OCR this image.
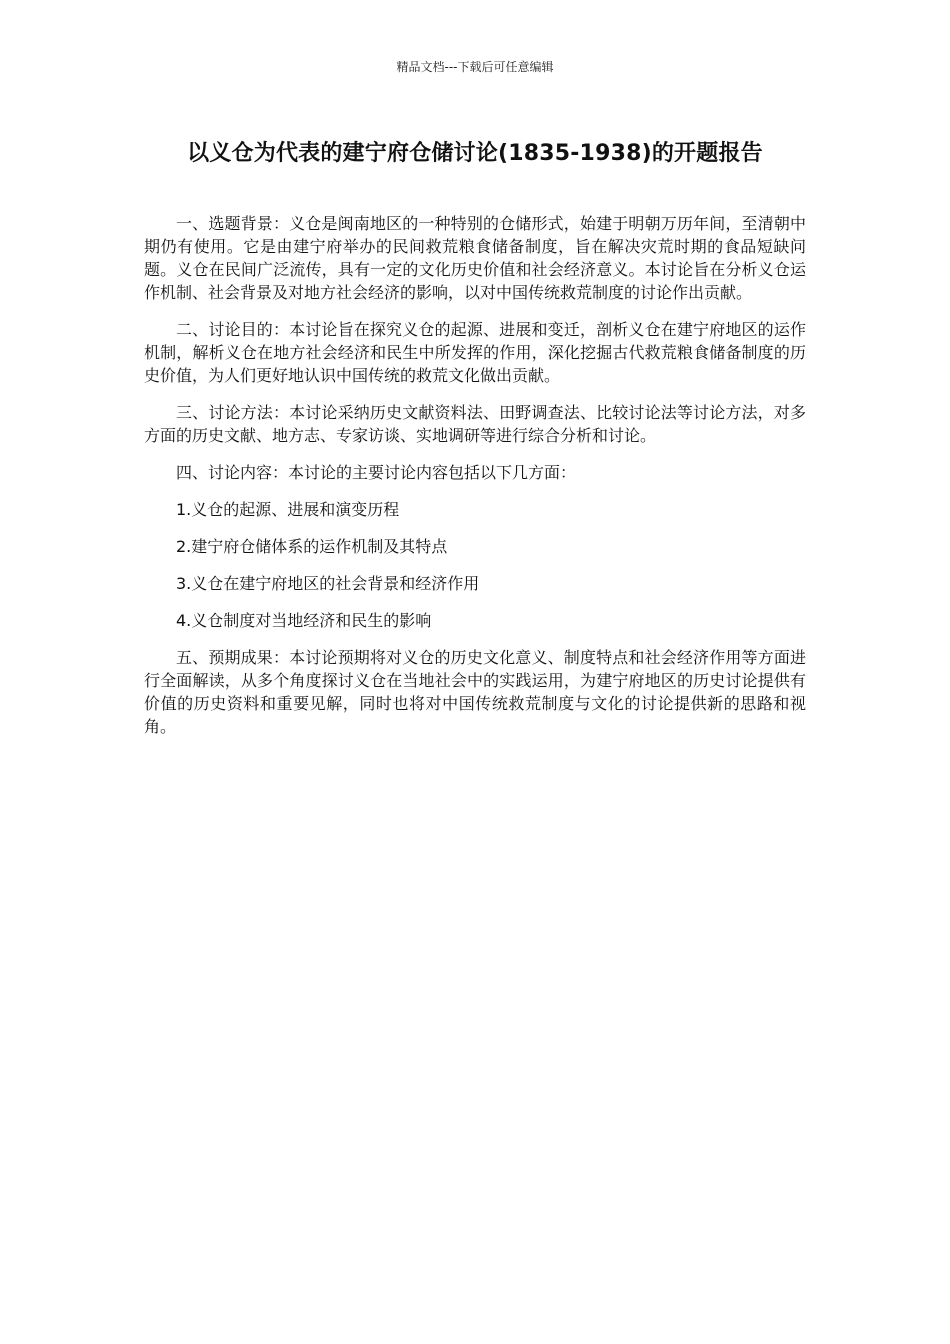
精品文档---下载后可任意编辑
以义仓为代表的建宁府仓储讨论(1835-1938)的开题报告

一、选题背景：义仓是闽南地区的一种特别的仓储形式，始建于明朝万历年间，至清朝中期仍有使用。它是由建宁府举办的民间救荒粮食储备制度，旨在解决灾荒时期的食品短缺问题。义仓在民间广泛流传，具有一定的文化历史价值和社会经济意义。本讨论旨在分析义仓运作机制、社会背景及对地方社会经济的影响，以对中国传统救荒制度的讨论作出贡献。

二、讨论目的：本讨论旨在探究义仓的起源、进展和变迁，剖析义仓在建宁府地区的运作机制，解析义仓在地方社会经济和民生中所发挥的作用，深化挖掘古代救荒粮食储备制度的历史价值，为人们更好地认识中国传统的救荒文化做出贡献。

三、讨论方法：本讨论采纳历史文献资料法、田野调查法、比较讨论法等讨论方法，对多方面的历史文献、地方志、专家访谈、实地调研等进行综合分析和讨论。

四、讨论内容：本讨论的主要讨论内容包括以下几方面：

1.义仓的起源、进展和演变历程

2.建宁府仓储体系的运作机制及其特点

3.义仓在建宁府地区的社会背景和经济作用

4.义仓制度对当地经济和民生的影响

五、预期成果：本讨论预期将对义仓的历史文化意义、制度特点和社会经济作用等方面进行全面解读，从多个角度探讨义仓在当地社会中的实践运用，为建宁府地区的历史讨论提供有价值的历史资料和重要见解，同时也将对中国传统救荒制度与文化的讨论提供新的思路和视角。
